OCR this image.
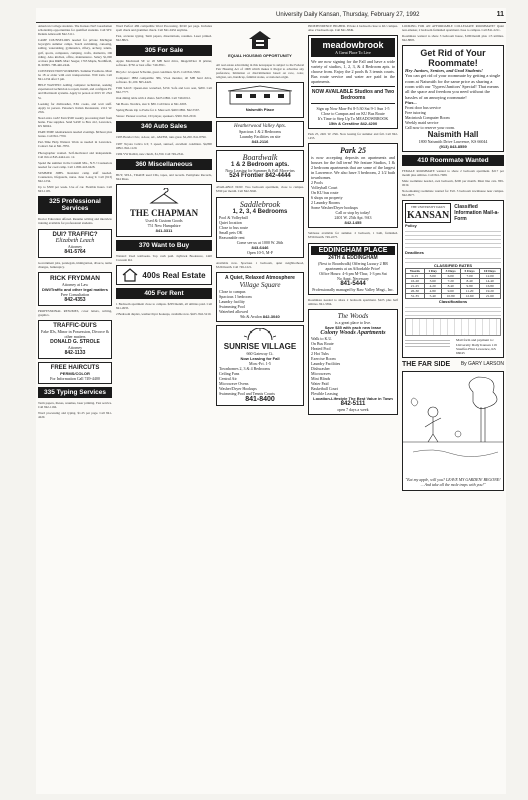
University Daily Kansan, Thursday, February 27, 1992	11

American College students. The Kansas Nat'l Guardsmen scholarship opportunities for qualified students. Call SFC Dennis Ainsworth 842-3111.

CAMP COUNSELORS needed for private Michigan boys/girls summer camps. Teach swimming, canoeing, sailing, waterskiing, gymnastics, riflery, archery, tennis, golf, sports, computers, camping, crafts, dramatics, OR riding. Also kitchen, office, maintenance. Salary $1,000 or more plus R&B. Marc Seeger, 1765 Maple, Northfield, IL 60093. 708-446-2444.

CONSTRUCTION WORKERS. Summer Positions. Must be 18 or older with own transportation. Will train. Call 841-1234 after 5 pm.

HELP WANTED: Adding computer technician, seeking experienced technician to repair, install, and configure PC and Macintosh systems. Apply in person at 2015 W. 23rd St.

Looking for dishwasher, P.M. cooks, and wait staff. Apply in person. Paisano's Italian Restaurant, 2112 W. 25th.

Need extra cash? Earn $500 weekly processing mail from home. Free supplies. Send SASE to Box 412, Lawrence, KS 66044.

PART-TIME telemarketers needed evenings. $6/hour plus bonus. Call 841-7700.

Part-Time Help Wanted. Work as needed in Lawrence. Contact Jan at 841-7855.

Photographer wanted. Self-motivated and independent. Call Jim at 843-4444 ext. 12.

Spend the summer in the Catskill Mts., N.Y.! Counselors needed for coed camp. Call 1-800-443-6428.

SUMMER JOBS. Resident camp staff needed. Counselors, lifeguards, nurse. June 3-Aug 9. Call (913) 842-1234.

Up to $500 per week. Use of car. Flexible hours. Call 843-1105.

325 Professional Services
Doctor Education offered. Resume writing and interview training available for professional students.
DUI? TRAFFIC?
Elizabeth Leach
Attorney
841-5764
Government jobs, paralegals, immigration, divorce, name changes, bankruptcy.
RICK FRYDMAN
Attorney at Law
DWI/Traffic and other legal matters
Free Consultation
842-4353
PROFESSIONAL RESUMES, cover letters, writing, graphics.
TRAFFIC-DUI'S
Fake IDs, Minor in Possession, Divorce & other matters
DONALD G. STROLE
Attorney
842-1133
FREE HAIRCUTS
PERMS/COLOR
For Information Call 749-4400
335 Typing Services

Term papers, theses, resumes, laser printing. Fast service. Call 842-1166.

Word processing and typing. $1.25 per page. Call 841-4220.

Word Perfect 486 compatible Word Processing. $0.90 per page. Includes spell check and grammar check. Call 841-0432 anytime.

Fast, accurate typing. Term papers, dissertations, resumes. Laser printed. 842-8821.

305 For Sale

Apple Macintosh SE w/ 20 MB hard drive, ImageWriter II printer, software. $750 or best offer. 749-3811.

Bicycle: 12-speed Schwinn, great condition. $125. Call 841-5500.

Computer: IBM compatible 386, VGA monitor, 40 MB hard drive, software. $1,100. 865-4422.

FOR SALE: Queen-size waterbed, $150. Sofa and love seat, $200. Call 842-7777.

Oak dining table with 4 chairs. $225 OBO. Call 749-0012.

Ski Boots. Nordica, size 9. $80. Call Dave at 841-6303.

Spring Break trip to Padre for 2. Must sell. $400 OBO. 842-5567.

Stereo: Pioneer receiver, CD player, speakers. $300. 843-2019.

340 Auto Sales

1985 Honda Civic, 4-door, AC, AM/FM, runs great. $2,200. 841-8790.

1987 Toyota Celica GT, 5 speed, sunroof, excellent condition. $4,800 OBO. 842-1120.

1984 VW Rabbit, new clutch, $1,350. Call 749-2341.

360 Miscellaneous
BUY, SELL, TRADE used CDs, tapes, and records. Pennylane Records, 844 Mass.
THE CHAPMAN
Used & Custom Goods
751 New Hampshire
841-3311
370 Want to Buy
Wanted: Used textbooks. Top cash paid. Jayhawk Bookstore, 1420 Crescent Rd.
400s Real Estate
405 For Rent

1 Bedroom apartment close to campus. $295/month, all utilities paid. Call 841-4935.

2 Bedroom duplex, washer/dryer hookups, available now. $425. 842-5210.

EQUAL HOUSING OPPORTUNITY
All real estate advertising in this newspaper is subject to the Federal Fair Housing Act of 1968 which makes it illegal to advertise any preference, limitation or discrimination based on race, color, religion, sex, handicap, familial status, or national origin.
Naismith Place
Heatherwood Valley Apts.
Spacious 1 & 2 Bedrooms
Laundry Facilities on site
843-2116
Boardwalk
1 & 2 Bedroom apts.
Now Leasing for Summer & Fall Move-ins
524 Frontier 842-4444
AVAILABLE NOW. Two bedroom apartment, close to campus. $390 per month. Call 842-3040.
Saddlebrook
1, 2, 3, 4 Bedrooms
Pool & Volleyball
Quiet location
Close to bus route
Small pets OK
Reasonable rent
Come see us at 1000 W. 26th
843-6446
Open 10-5, M-F
Available now. Spacious 1 bedroom, quiet neighborhood, $320/month. Call 749-1221.
A Quiet, Relaxed Atmosphere
Village Square
Close to campus
Spacious 1 bedroom
Laundry facility
Swimming Pool
Waterbed allowed
9th & Avalon 842-3040
SUNRISE VILLAGE
660 Gateway Ct.
Now Leasing for Fall
Mon.-Fri. 1-5
Townhomes 2, 3 & 4 Bedrooms
Ceiling Fans
Central Air
Microwave Ovens
Washer/Dryer Hookups
Swimming Pool and Tennis Courts
841-8400
INDEPENDENCE HIGHER. Private 4 bedroom close to KU campus. Also 2 bedroom apt. Call 841-3849.
meadowbrook
A Great Place To Live
We are now signing for the Fall and have a wide variety of studios, 1, 2, 3, & 4 Bedroom apts. to choose from. Enjoy the 2 pools & 3 tennis courts. Bus route service and water are paid in the apartments.
NOW AVAILABLE Studios and Two Bedrooms
Sign up Now Mon-Fri 8-5:30 Sat 9-1 Sun 1-5
Close to Campus and on KU Bus Route
It's Time to Step Up To MEADOWBROOK
15th & Crestline 842-4200
Park 25, 2401 W. 25th. Now leasing for summer and fall. Call 842-1455.
Park 25
is now accepting deposits on apartments and houses for the fall term! We feature Studios, 1 & 2 bedroom apartments that are some of the largest in Lawrence. We also have 3 bedroom, 2 1/2 bath townhomes.
2 Pools
Volleyball Court
On KU bus route
6 shops on property
2 Laundry Rooms
Some Washer/Dryer hookups
Call or stop by today!
2401 W. 25th Apt. 9A3
842-1455
Sublease available for summer. 2 bedroom, 1 bath, furnished. $350/month. 749-2275.
EDDINGHAM PLACE
24TH & EDDINGHAM
(Next to Boardwalk) Offering Luxury 2 BR apartments at an Affordable Price!
Office Hours: 4-6 pm M-Thur, 1-3 pm Sat
No Appt. Necessary
841-5444
Professionally managed by Raw Valley Mngt., Inc.
Roommate needed to share 2 bedroom apartment. $225 plus half utilities. 841-3394.
The Woods
is a great place to live.
Save $35 with each new lease
Colony Woods Apartments
Walk to K.U.
On Bus Route
Heated Pool
2 Hot Tubs
Exercise Room
Laundry Facilities
Dishwasher
Microwaves
Mini Blinds
Water Paid
Basketball Court
Flexible Leasing
Location-Lifestyle The Best Value in Town
842-5111
open 7 days a week

LOOKING FOR AN AFFORDABLE COLLEGIATE ROOMMATE? Quiet non-smoker, 2 bedroom furnished apartment close to campus. Call 841-2211.

Roommate wanted to share 3 bedroom house, $190/month plus 1/3 utilities. 842-8805.

Get Rid of Your Roommate!
Hey Juniors, Seniors, and Grad Students!
You can get rid of your roommate by getting a single room at Naismith for the same price as sharing a room with our 'Typers/Janitors' Special! That means all the space and freedom you need without the hassles of an annoying roommate!
Plus...
Front door bus service
Free tutoring
Macintosh Computer Room
Weekly maid service
Call now to reserve your room.
Naismith Hall
1800 Naismith Drive Lawrence, KS 66044
(913) 843-8559
410 Roommate Wanted

FEMALE ROOMMATE wanted to share 2 bedroom apartment. $217 per month plus utilities. Call 841-7689.

Male roommate needed, own bedroom, $200 per month. Must like cats. 865-0019.

Non-smoking roommate wanted for Fall. 3 bedroom townhouse near campus. 842-9977.

THE UNIVERSITY DAILY
KANSAN
Classified Information Mail-a-Form
Policy
Deadlines
CLASSIFIED RATES
Words	1 Day	3 Days	5 Days	10 Days
0-15	3.00	6.00	7.00	12.00
16-20	3.60	7.20	8.40	14.40
21-25	4.20	8.40	9.80	16.80
26-30	4.80	9.60	11.20	19.20
31-35	5.40	10.80	12.60	21.60
Classifications
Mail form and payment to:
University Daily Kansan 119 Stauffer-Flint Lawrence, KS 66045
THE FAR SIDE By GARY LARSON
"Eat my apple, will you? LEAVE MY GARDEN! BEGONE! ... And take all the mole traps with you!"
